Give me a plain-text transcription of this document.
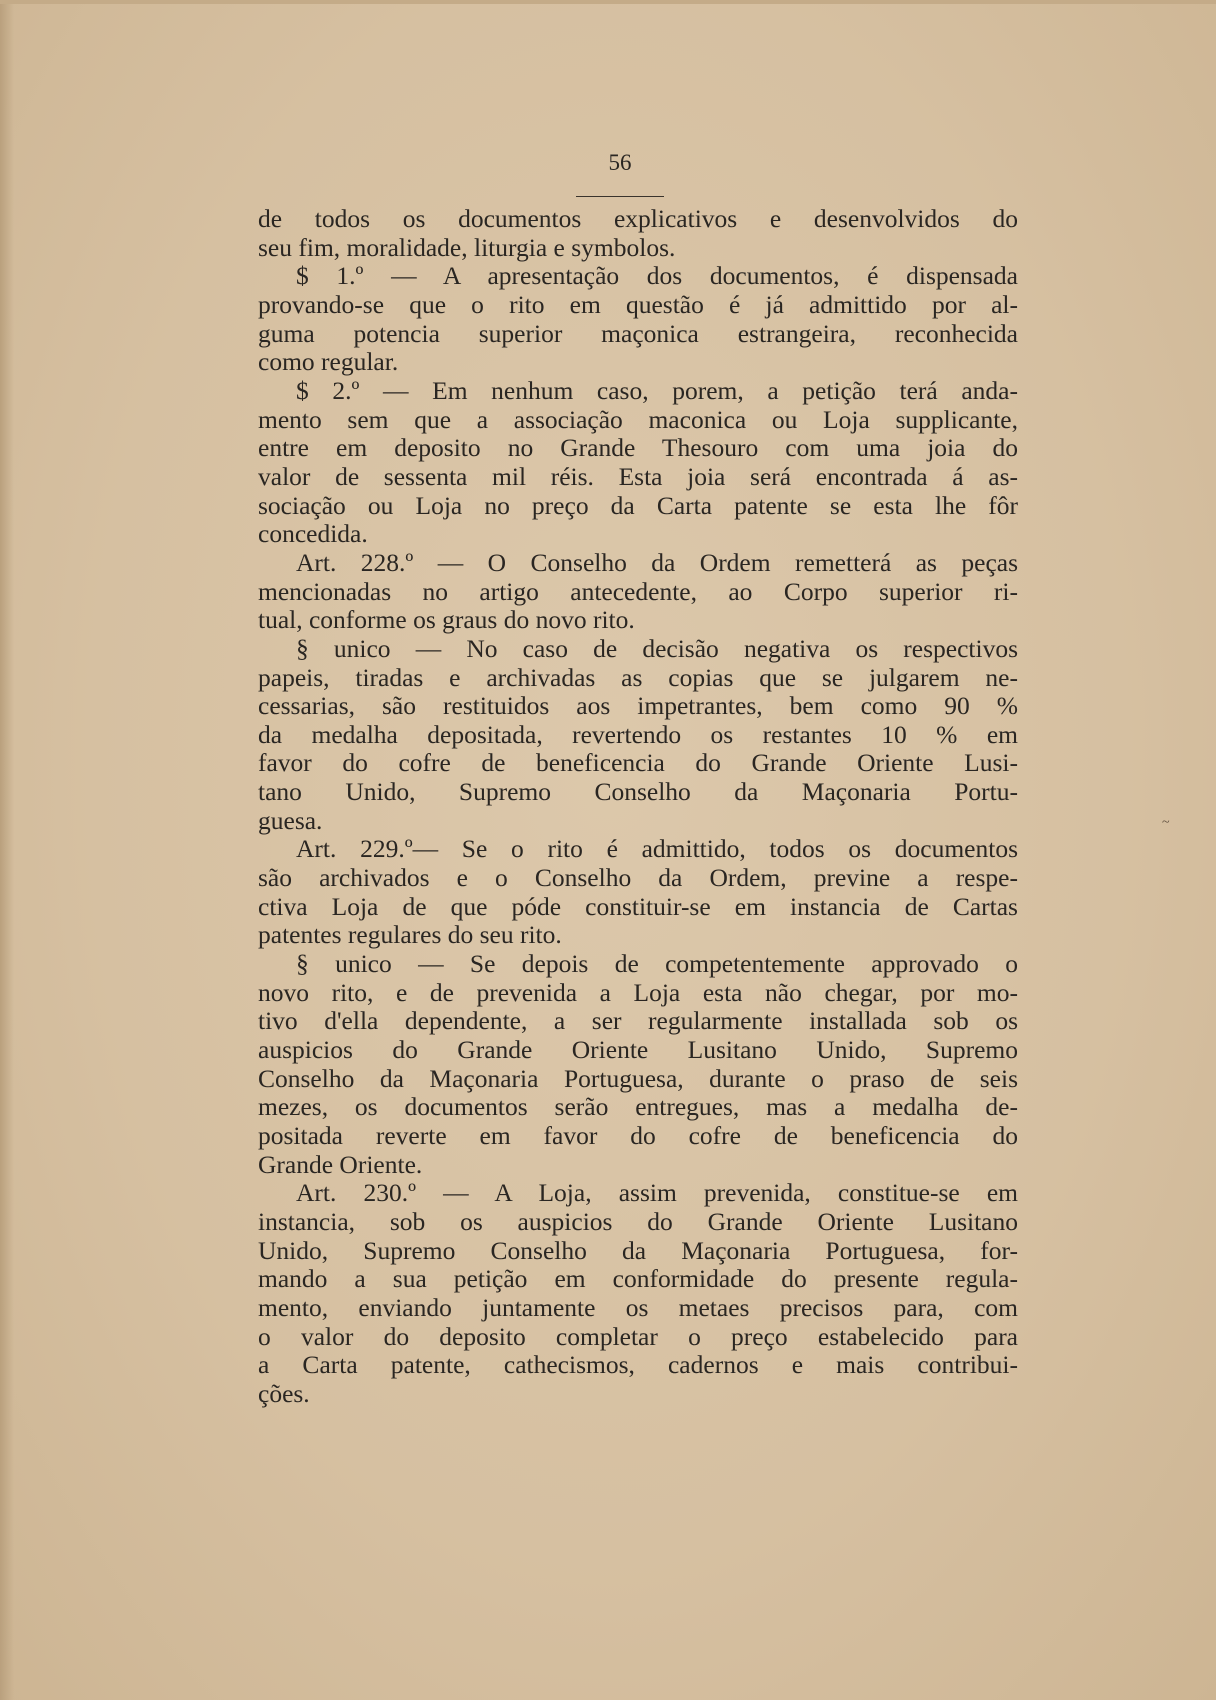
56
de todos os documentos explicativos e desenvolvidos do
seu fim, moralidade, liturgia e symbolos.
$ 1.º — A apresentação dos documentos, é dispensada
provando-se que o rito em questão é já admittido por al-
guma potencia superior maçonica estrangeira, reconhecida
como regular.
$ 2.º — Em nenhum caso, porem, a petição terá anda-
mento sem que a associação maconica ou Loja supplicante,
entre em deposito no Grande Thesouro com uma joia do
valor de sessenta mil réis. Esta joia será encontrada á as-
sociação ou Loja no preço da Carta patente se esta lhe fôr
concedida.
Art. 228.º — O Conselho da Ordem remetterá as peças
mencionadas no artigo antecedente, ao Corpo superior ri-
tual, conforme os graus do novo rito.
§ unico — No caso de decisão negativa os respectivos
papeis, tiradas e archivadas as copias que se julgarem ne-
cessarias, são restituidos aos impetrantes, bem como 90 %
da medalha depositada, revertendo os restantes 10 % em
favor do cofre de beneficencia do Grande Oriente Lusi-
tano Unido, Supremo Conselho da Maçonaria Portu-
guesa.
Art. 229.º— Se o rito é admittido, todos os documentos
são archivados e o Conselho da Ordem, previne a respe-
ctiva Loja de que póde constituir-se em instancia de Cartas
patentes regulares do seu rito.
§ unico — Se depois de competentemente approvado o
novo rito, e de prevenida a Loja esta não chegar, por mo-
tivo d'ella dependente, a ser regularmente installada sob os
auspicios do Grande Oriente Lusitano Unido, Supremo
Conselho da Maçonaria Portuguesa, durante o praso de seis
mezes, os documentos serão entregues, mas a medalha de-
positada reverte em favor do cofre de beneficencia do
Grande Oriente.
Art. 230.º — A Loja, assim prevenida, constitue-se em
instancia, sob os auspicios do Grande Oriente Lusitano
Unido, Supremo Conselho da Maçonaria Portuguesa, for-
mando a sua petição em conformidade do presente regula-
mento, enviando juntamente os metaes precisos para, com
o valor do deposito completar o preço estabelecido para
a Carta patente, cathecismos, cadernos e mais contribui-
ções.
~
